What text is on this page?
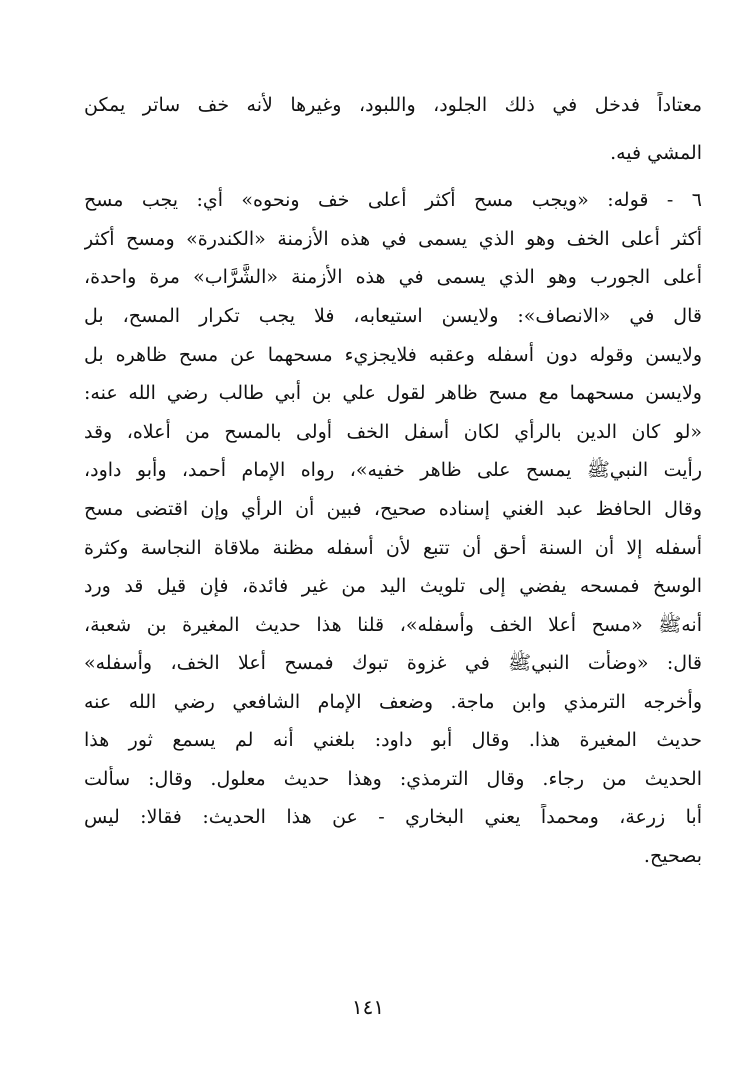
معتاداً فدخل في ذلك الجلود، واللبود، وغيرها لأنه خف ساتر يمكن
المشي فيه.
٦ - قوله: «ويجب مسح أكثر أعلى خف ونحوه» أي: يجب مسح
أكثر أعلى الخف وهو الذي يسمى في هذه الأزمنة «الكندرة» ومسح أكثر
أعلى الجورب وهو الذي يسمى في هذه الأزمنة «الشَّرَّاب» مرة واحدة،
قال في «الانصاف»: ولايسن استيعابه، فلا يجب تكرار المسح، بل
ولايسن وقوله دون أسفله وعقبه فلايجزيء مسحهما عن مسح ظاهره بل
ولايسن مسحهما مع مسح ظاهر لقول علي بن أبي طالب رضي الله عنه:
«لو كان الدين بالرأي لكان أسفل الخف أولى بالمسح من أعلاه، وقد
رأيت النبيﷺ يمسح على ظاهر خفيه»، رواه الإمام أحمد، وأبو داود،
وقال الحافظ عبد الغني إسناده صحيح، فبين أن الرأي وإن اقتضى مسح
أسفله إلا أن السنة أحق أن تتبع لأن أسفله مظنة ملاقاة النجاسة وكثرة
الوسخ فمسحه يفضي إلى تلويث اليد من غير فائدة، فإن قيل قد ورد
أنهﷺ «مسح أعلا الخف وأسفله»، قلنا هذا حديث المغيرة بن شعبة،
قال: «وضأت النبيﷺ في غزوة تبوك فمسح أعلا الخف، وأسفله»
وأخرجه الترمذي وابن ماجة. وضعف الإمام الشافعي رضي الله عنه
حديث المغيرة هذا. وقال أبو داود: بلغني أنه لم يسمع ثور هذا
الحديث من رجاء. وقال الترمذي: وهذا حديث معلول. وقال: سألت
أبا زرعة، ومحمداً يعني البخاري - عن هذا الحديث: فقالا: ليس
بصحيح.
١٤١
